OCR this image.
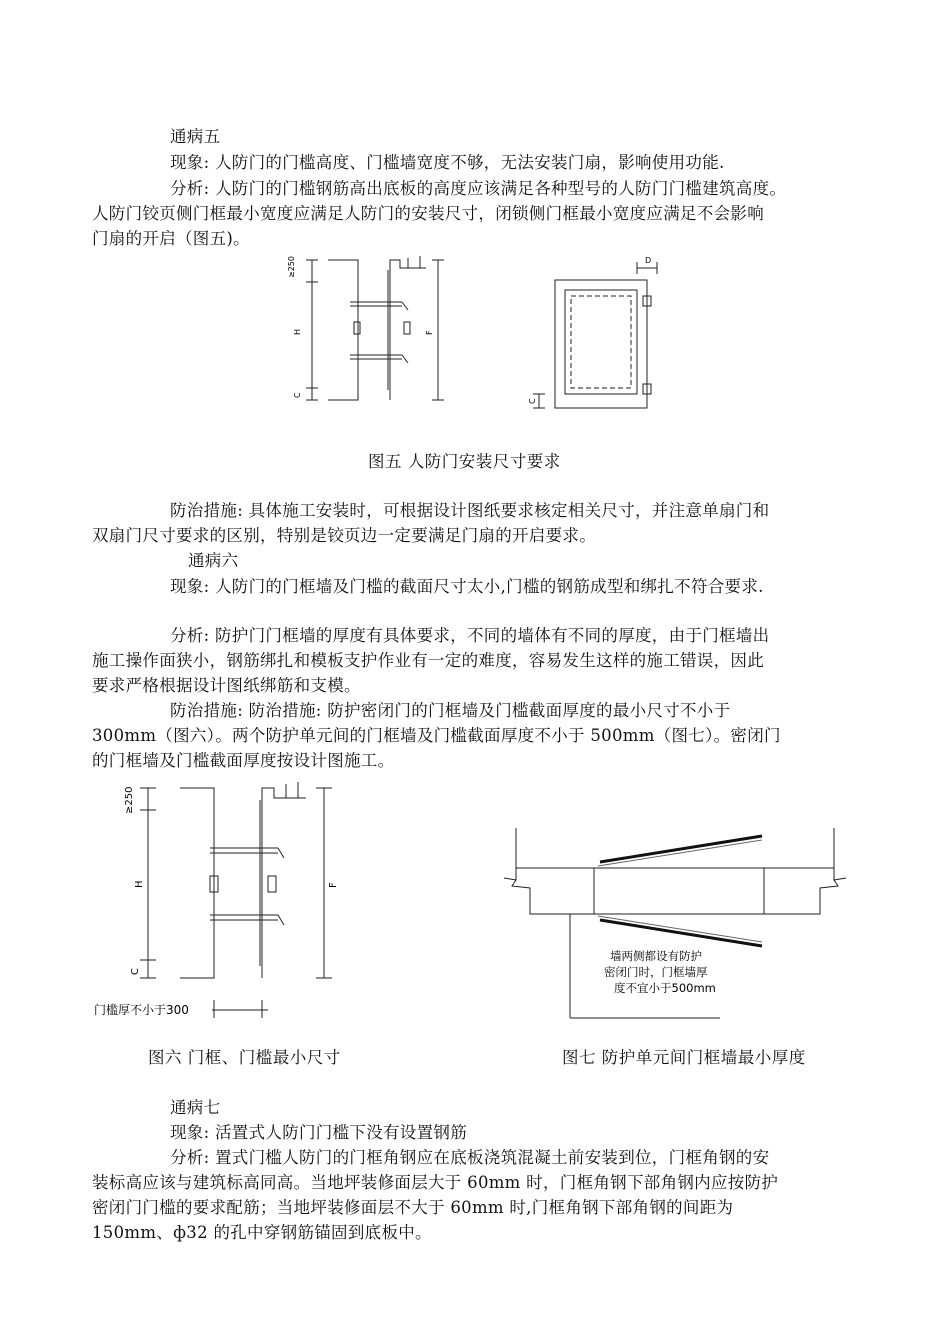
通病五
现象: 人防门的门槛高度、门槛墙宽度不够，无法安装门扇，影响使用功能.
分析: 人防门的门槛钢筋高出底板的高度应该满足各种型号的人防门门槛建筑高度。
人防门铰页侧门框最小宽度应满足人防门的安装尺寸，闭锁侧门框最小宽度应满足不会影响
门扇的开启（图五)。
≥250
H	F
C
D
C
图五 人防门安装尺寸要求
防治措施: 具体施工安装时，可根据设计图纸要求核定相关尺寸，并注意单扇门和
双扇门尺寸要求的区别，特别是铰页边一定要满足门扇的开启要求。
通病六
现象: 人防门的门框墙及门槛的截面尺寸太小,门槛的钢筋成型和绑扎不符合要求.
分析: 防护门门框墙的厚度有具体要求，不同的墙体有不同的厚度，由于门框墙出
施工操作面狭小，钢筋绑扎和模板支护作业有一定的难度，容易发生这样的施工错误，因此
要求严格根据设计图纸绑筋和支模。
防治措施: 防治措施: 防护密闭门的门框墙及门槛截面厚度的最小尺寸不小于
300mm（图六）。两个防护单元间的门框墙及门槛截面厚度不小于 500mm（图七）。密闭门
的门框墙及门槛截面厚度按设计图施工。
≥250
H	F
C
门槛厚不小于300
墙两侧都设有防护
密闭门时，门框墙厚
度不宜小于500mm
图六 门框、门槛最小尺寸	图七 防护单元间门框墙最小厚度
通病七
现象: 活置式人防门门槛下没有设置钢筋
分析: 置式门槛人防门的门框角钢应在底板浇筑混凝土前安装到位，门框角钢的安
装标高应该与建筑标高同高。当地坪装修面层大于 60mm 时，门框角钢下部角钢内应按防护
密闭门门槛的要求配筋；当地坪装修面层不大于 60mm 时,门框角钢下部角钢的间距为
150mm、ф32 的孔中穿钢筋锚固到底板中。
